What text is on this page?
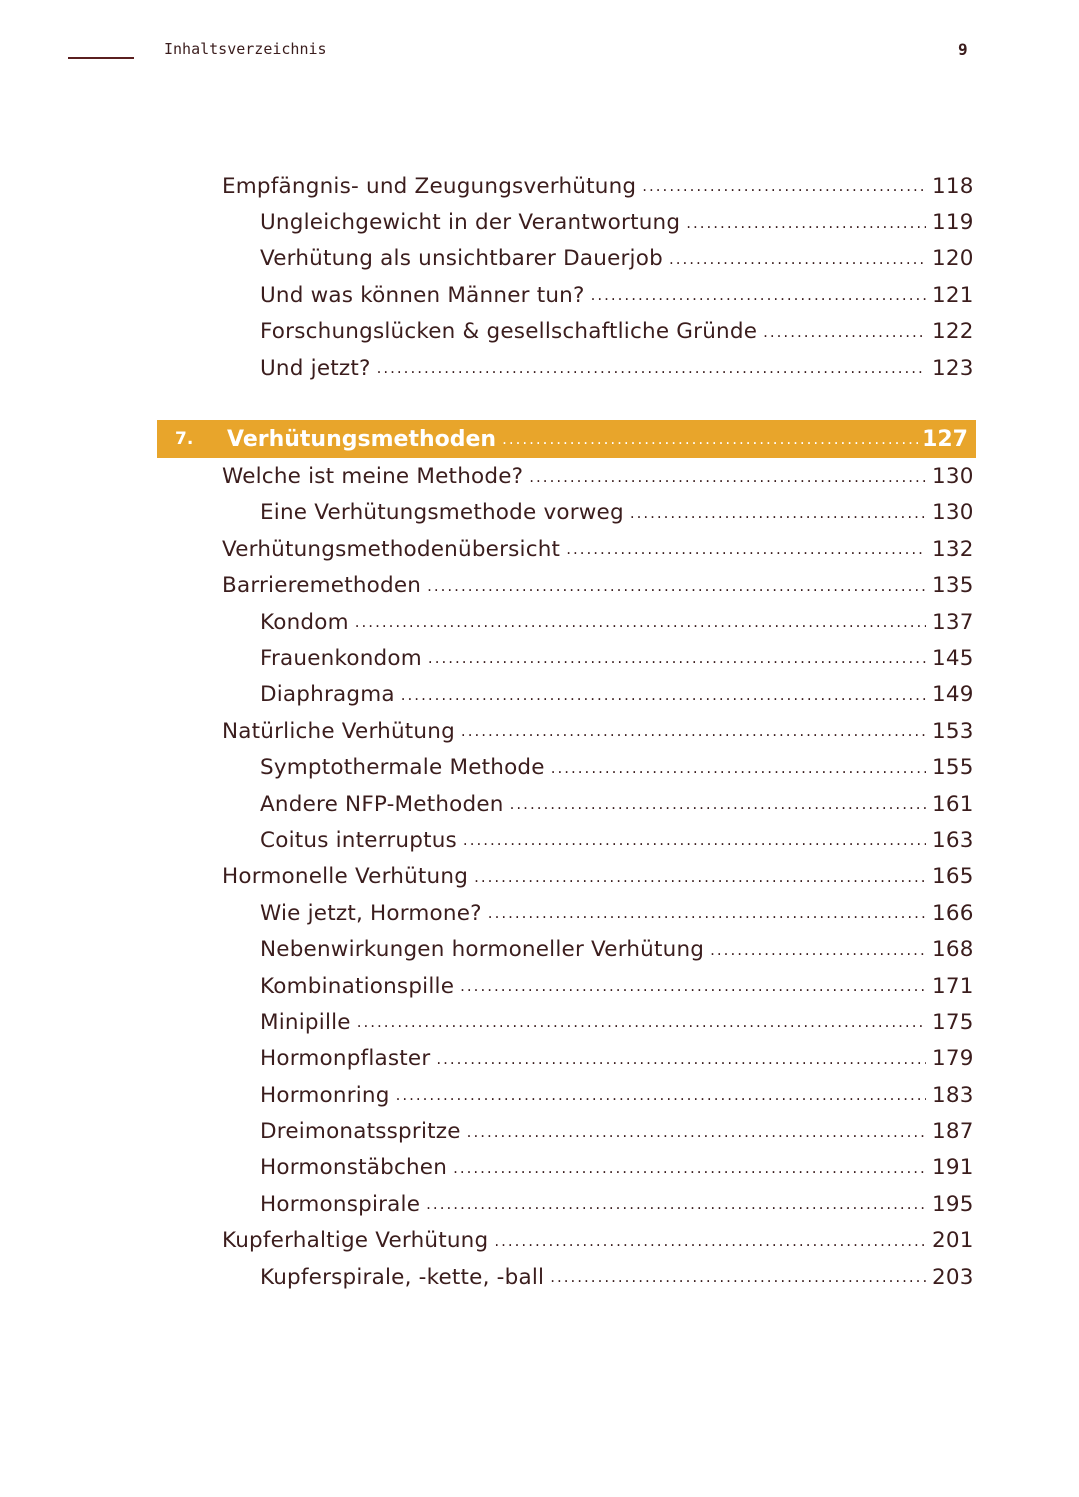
Inhaltsverzeichnis	9
Empfängnis- und Zeugungsverhütung .....	118
Ungleichgewicht in der Verantwortung .....	119
Verhütung als unsichtbarer Dauerjob .....	120
Und was können Männer tun? .....	121
Forschungslücken & gesellschaftliche Gründe .....	122
Und jetzt? .....	123
7.	Verhütungsmethoden .....	127
Welche ist meine Methode? .....	130
Eine Verhütungsmethode vorweg .....	130
Verhütungsmethodenübersicht .....	132
Barrieremethoden .....	135
Kondom .....	137
Frauenkondom .....	145
Diaphragma .....	149
Natürliche Verhütung .....	153
Symptothermale Methode .....	155
Andere NFP-Methoden .....	161
Coitus interruptus .....	163
Hormonelle Verhütung .....	165
Wie jetzt, Hormone? .....	166
Nebenwirkungen hormoneller Verhütung .....	168
Kombinationspille .....	171
Minipille .....	175
Hormonpflaster .....	179
Hormonring .....	183
Dreimonatsspritze .....	187
Hormonstäbchen .....	191
Hormonspirale .....	195
Kupferhaltige Verhütung .....	201
Kupferspirale, -kette, -ball .....	203
